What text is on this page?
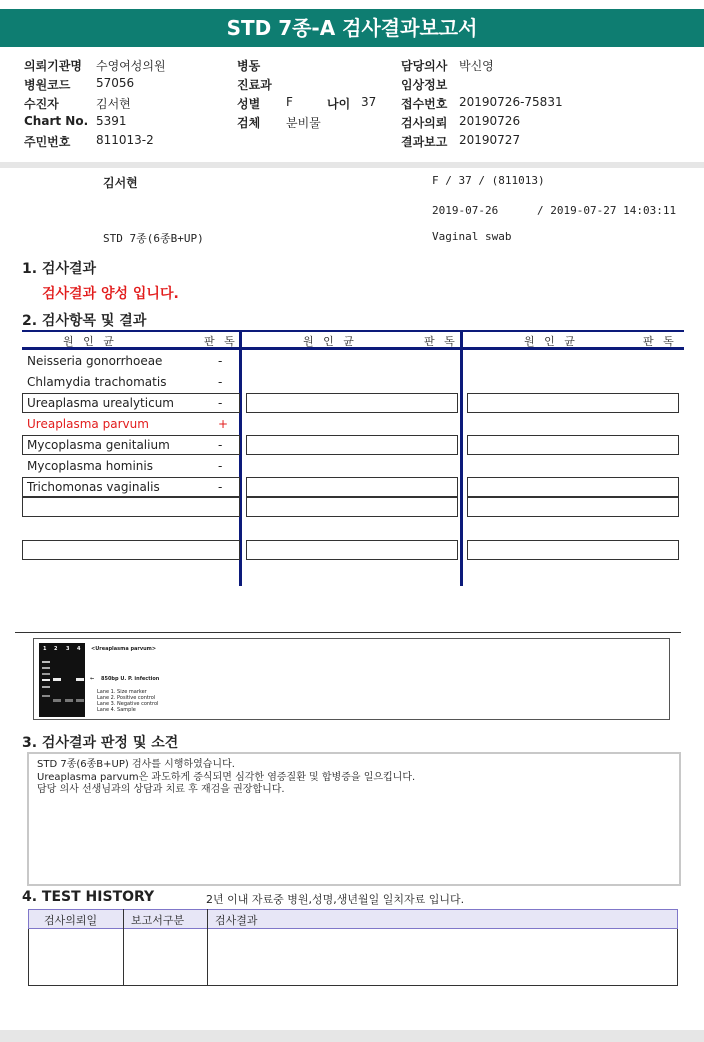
STD 7종-A 검사결과보고서
의뢰기관명 수영여성의원
병원코드 57056
수진자	김서현
Chart No. 5391
주민번호 811013-2
병동
진료과
성별 F	나이 37
검체 분비물
담당의사 박신영
임상정보
접수번호 20190726-75831
검사의뢰 20190726
결과보고 20190727
김서현	F / 37 / (811013)
2019-07-26	/ 2019-07-27 14:03:11
STD 7종(6종B+UP)	Vaginal swab
1. 검사결과
검사결과 양성 입니다.
2. 검사항목 및 결과
원 인 균	판 독	원 인 균	판 독	원 인 균	판 독
Neisseria gonorrhoeae	-
Chlamydia trachomatis	-
Ureaplasma urealyticum	-
Ureaplasma parvum	+
Mycoplasma genitalium	-
Mycoplasma hominis	-
Trichomonas vaginalis	-
1 2 3 4 <Ureaplasma parvum>
← 850bp U. P. infection
Lane 1. Size marker
Lane 2. Positive control
Lane 3. Negative control
Lane 4. Sample
3. 검사결과 판정 및 소견
STD 7종(6종B+UP) 검사를 시행하였습니다.
Ureaplasma parvum은 과도하게 증식되면 심각한 염증질환 및 합병증을 일으킵니다.
담당 의사 선생님과의 상담과 치료 후 재검을 권장합니다.
4. TEST HISTORY	2년 이내 자료중 병원,성명,생년월일 일치자료 입니다.
검사의뢰일	보고서구분	검사결과
